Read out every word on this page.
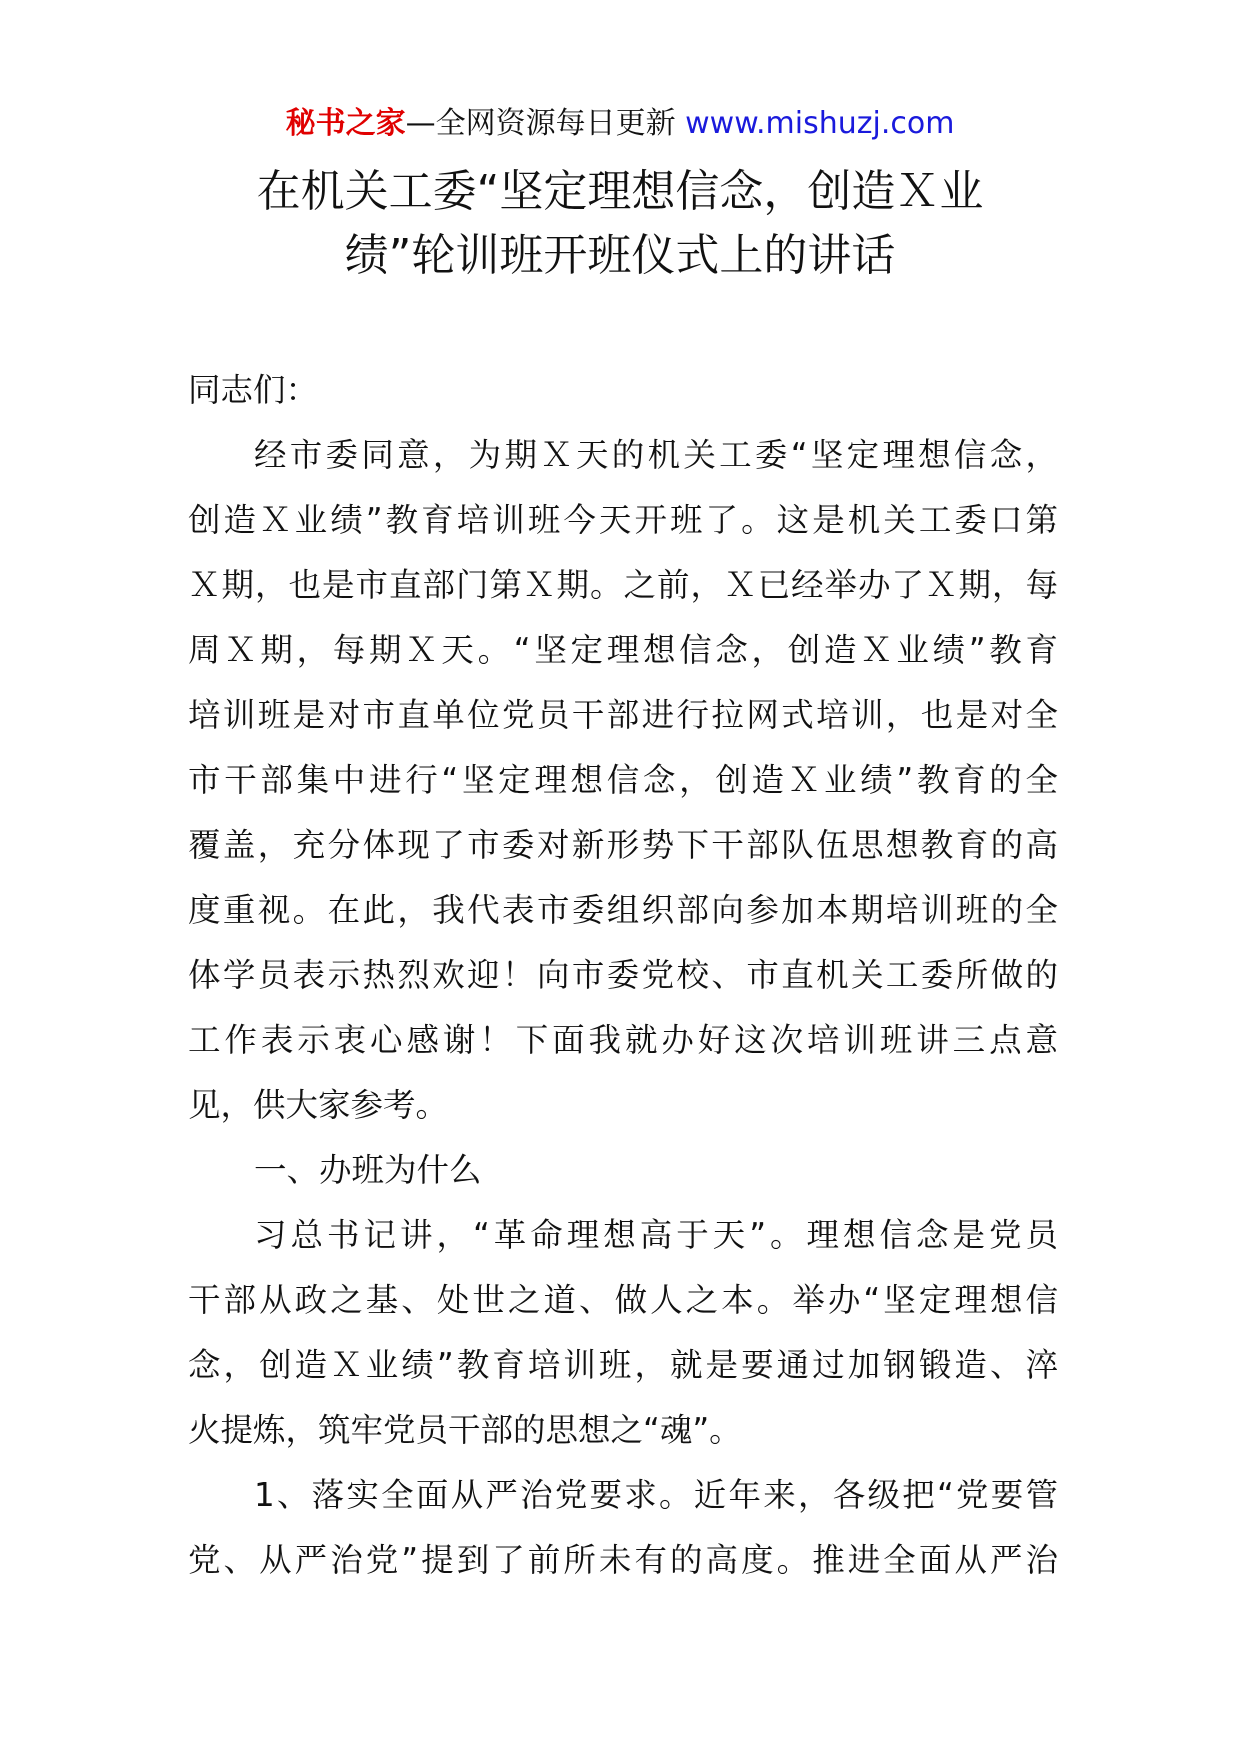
秘书之家—全网资源每日更新 www.mishuzj.com
在机关工委“坚定理想信念，创造Ｘ业
绩”轮训班开班仪式上的讲话
同志们：
经市委同意，为期Ｘ天的机关工委“坚定理想信念，
创造Ｘ业绩”教育培训班今天开班了。这是机关工委口第
Ｘ期，也是市直部门第Ｘ期。之前，Ｘ已经举办了Ｘ期，每
周Ｘ期，每期Ｘ天。“坚定理想信念，创造Ｘ业绩”教育
培训班是对市直单位党员干部进行拉网式培训，也是对全
市干部集中进行“坚定理想信念，创造Ｘ业绩”教育的全
覆盖，充分体现了市委对新形势下干部队伍思想教育的高
度重视。在此，我代表市委组织部向参加本期培训班的全
体学员表示热烈欢迎！向市委党校、市直机关工委所做的
工作表示衷心感谢！下面我就办好这次培训班讲三点意
见，供大家参考。
一、办班为什么
习总书记讲，“革命理想高于天”。理想信念是党员
干部从政之基、处世之道、做人之本。举办“坚定理想信
念，创造Ｘ业绩”教育培训班，就是要通过加钢锻造、淬
火提炼，筑牢党员干部的思想之“魂”。
1、落实全面从严治党要求。近年来，各级把“党要管
党、从严治党”提到了前所未有的高度。推进全面从严治
